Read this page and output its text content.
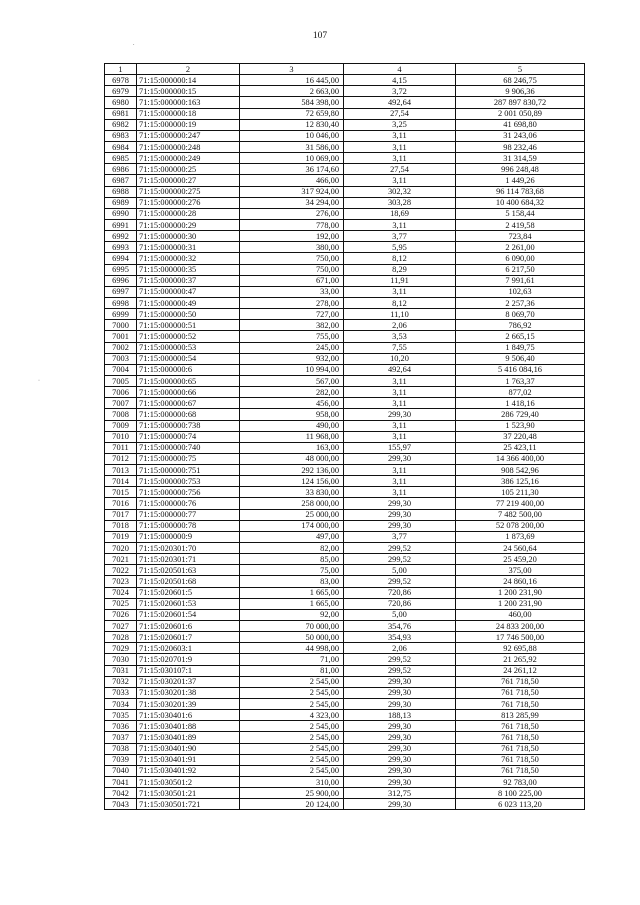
107
.
·
1	2	3	4	5
6978	71:15:000000:14	16 445,00	4,15	68 246,75
6979	71:15:000000:15	2 663,00	3,72	9 906,36
6980	71:15:000000:163	584 398,00	492,64	287 897 830,72
6981	71:15:000000:18	72 659,80	27,54	2 001 050,89
6982	71:15:000000:19	12 830,40	3,25	41 698,80
6983	71:15:000000:247	10 046,00	3,11	31 243,06
6984	71:15:000000:248	31 586,00	3,11	98 232,46
6985	71:15:000000:249	10 069,00	3,11	31 314,59
6986	71:15:000000:25	36 174,60	27,54	996 248,48
6987	71:15:000000:27	466,00	3,11	1 449,26
6988	71:15:000000:275	317 924,00	302,32	96 114 783,68
6989	71:15:000000:276	34 294,00	303,28	10 400 684,32
6990	71:15:000000:28	276,00	18,69	5 158,44
6991	71:15:000000:29	778,00	3,11	2 419,58
6992	71:15:000000:30	192,00	3,77	723,84
6993	71:15:000000:31	380,00	5,95	2 261,00
6994	71:15:000000:32	750,00	8,12	6 090,00
6995	71:15:000000:35	750,00	8,29	6 217,50
6996	71:15:000000:37	671,00	11,91	7 991,61
6997	71:15:000000:47	33,00	3,11	102,63
6998	71:15:000000:49	278,00	8,12	2 257,36
6999	71:15:000000:50	727,00	11,10	8 069,70
7000	71:15:000000:51	382,00	2,06	786,92
7001	71:15:000000:52	755,00	3,53	2 665,15
7002	71:15:000000:53	245,00	7,55	1 849,75
7003	71:15:000000:54	932,00	10,20	9 506,40
7004	71:15:000000:6	10 994,00	492,64	5 416 084,16
7005	71:15:000000:65	567,00	3,11	1 763,37
7006	71:15:000000:66	282,00	3,11	877,02
7007	71:15:000000:67	456,00	3,11	1 418,16
7008	71:15:000000:68	958,00	299,30	286 729,40
7009	71:15:000000:738	490,00	3,11	1 523,90
7010	71:15:000000:74	11 968,00	3,11	37 220,48
7011	71:15:000000:740	163,00	155,97	25 423,11
7012	71:15:000000:75	48 000,00	299,30	14 366 400,00
7013	71:15:000000:751	292 136,00	3,11	908 542,96
7014	71:15:000000:753	124 156,00	3,11	386 125,16
7015	71:15:000000:756	33 830,00	3,11	105 211,30
7016	71:15:000000:76	258 000,00	299,30	77 219 400,00
7017	71:15:000000:77	25 000,00	299,30	7 482 500,00
7018	71:15:000000:78	174 000,00	299,30	52 078 200,00
7019	71:15:000000:9	497,00	3,77	1 873,69
7020	71:15:020301:70	82,00	299,52	24 560,64
7021	71:15:020301:71	85,00	299,52	25 459,20
7022	71:15:020501:63	75,00	5,00	375,00
7023	71:15:020501:68	83,00	299,52	24 860,16
7024	71:15:020601:5	1 665,00	720,86	1 200 231,90
7025	71:15:020601:53	1 665,00	720,86	1 200 231,90
7026	71:15:020601:54	92,00	5,00	460,00
7027	71:15:020601:6	70 000,00	354,76	24 833 200,00
7028	71:15:020601:7	50 000,00	354,93	17 746 500,00
7029	71:15:020603:1	44 998,00	2,06	92 695,88
7030	71:15:020701:9	71,00	299,52	21 265,92
7031	71:15:030107:1	81,00	299,52	24 261,12
7032	71:15:030201:37	2 545,00	299,30	761 718,50
7033	71:15:030201:38	2 545,00	299,30	761 718,50
7034	71:15:030201:39	2 545,00	299,30	761 718,50
7035	71:15:030401:6	4 323,00	188,13	813 285,99
7036	71:15:030401:88	2 545,00	299,30	761 718,50
7037	71:15:030401:89	2 545,00	299,30	761 718,50
7038	71:15:030401:90	2 545,00	299,30	761 718,50
7039	71:15:030401:91	2 545,00	299,30	761 718,50
7040	71:15:030401:92	2 545,00	299,30	761 718,50
7041	71:15:030501:2	310,00	299,30	92 783,00
7042	71:15:030501:21	25 900,00	312,75	8 100 225,00
7043	71:15:030501:721	20 124,00	299,30	6 023 113,20
